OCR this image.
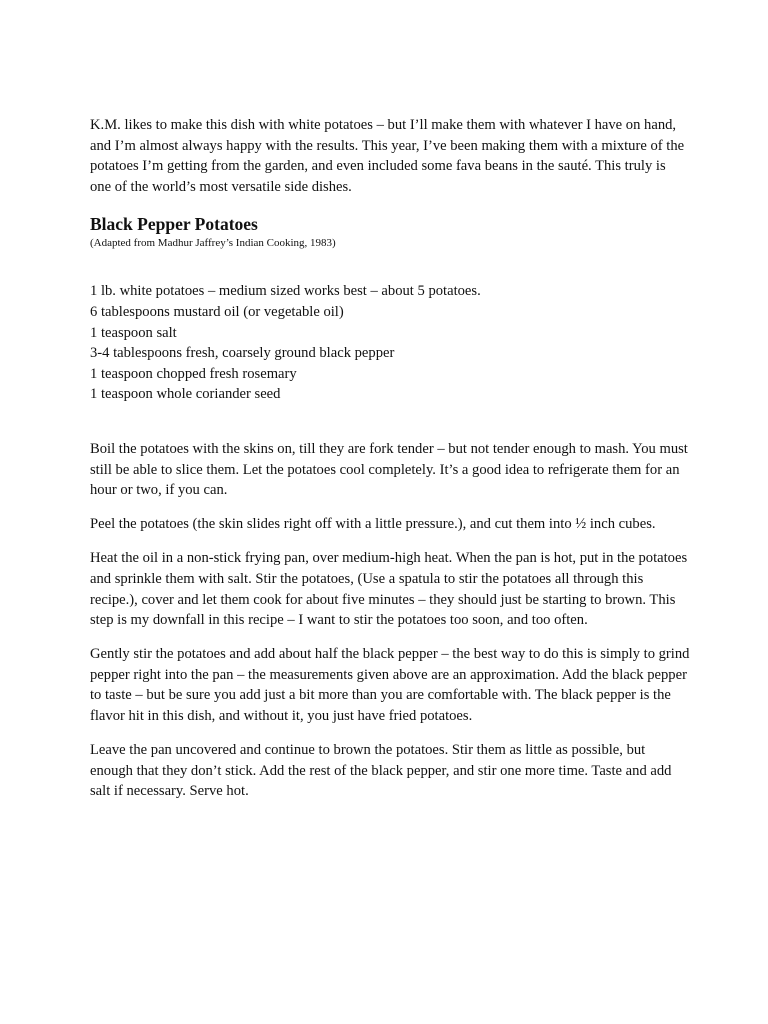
K.M. likes to make this dish with white potatoes – but I’ll make them with whatever I have on hand, and I’m almost always happy with the results. This year, I’ve been making them with a mixture of the potatoes I’m getting from the garden, and even included some fava beans in the sauté. This truly is one of the world’s most versatile side dishes.

Black Pepper Potatoes

(Adapted from Madhur Jaffrey’s Indian Cooking, 1983)

1 lb. white potatoes – medium sized works best – about 5 potatoes.
6 tablespoons mustard oil (or vegetable oil)
1 teaspoon salt
3-4 tablespoons fresh, coarsely ground black pepper
1 teaspoon chopped fresh rosemary
1 teaspoon whole coriander seed

Boil the potatoes with the skins on, till they are fork tender – but not tender enough to mash. You must still be able to slice them. Let the potatoes cool completely. It’s a good idea to refrigerate them for an hour or two, if you can.

Peel the potatoes (the skin slides right off with a little pressure.), and cut them into ½ inch cubes.

Heat the oil in a non-stick frying pan, over medium-high heat. When the pan is hot, put in the potatoes and sprinkle them with salt. Stir the potatoes, (Use a spatula to stir the potatoes all through this recipe.), cover and let them cook for about five minutes – they should just be starting to brown. This step is my downfall in this recipe – I want to stir the potatoes too soon, and too often.

Gently stir the potatoes and add about half the black pepper – the best way to do this is simply to grind pepper right into the pan – the measurements given above are an approximation. Add the black pepper to taste – but be sure you add just a bit more than you are comfortable with. The black pepper is the flavor hit in this dish, and without it, you just have fried potatoes.

Leave the pan uncovered and continue to brown the potatoes. Stir them as little as possible, but enough that they don’t stick. Add the rest of the black pepper, and stir one more time. Taste and add salt if necessary. Serve hot.
